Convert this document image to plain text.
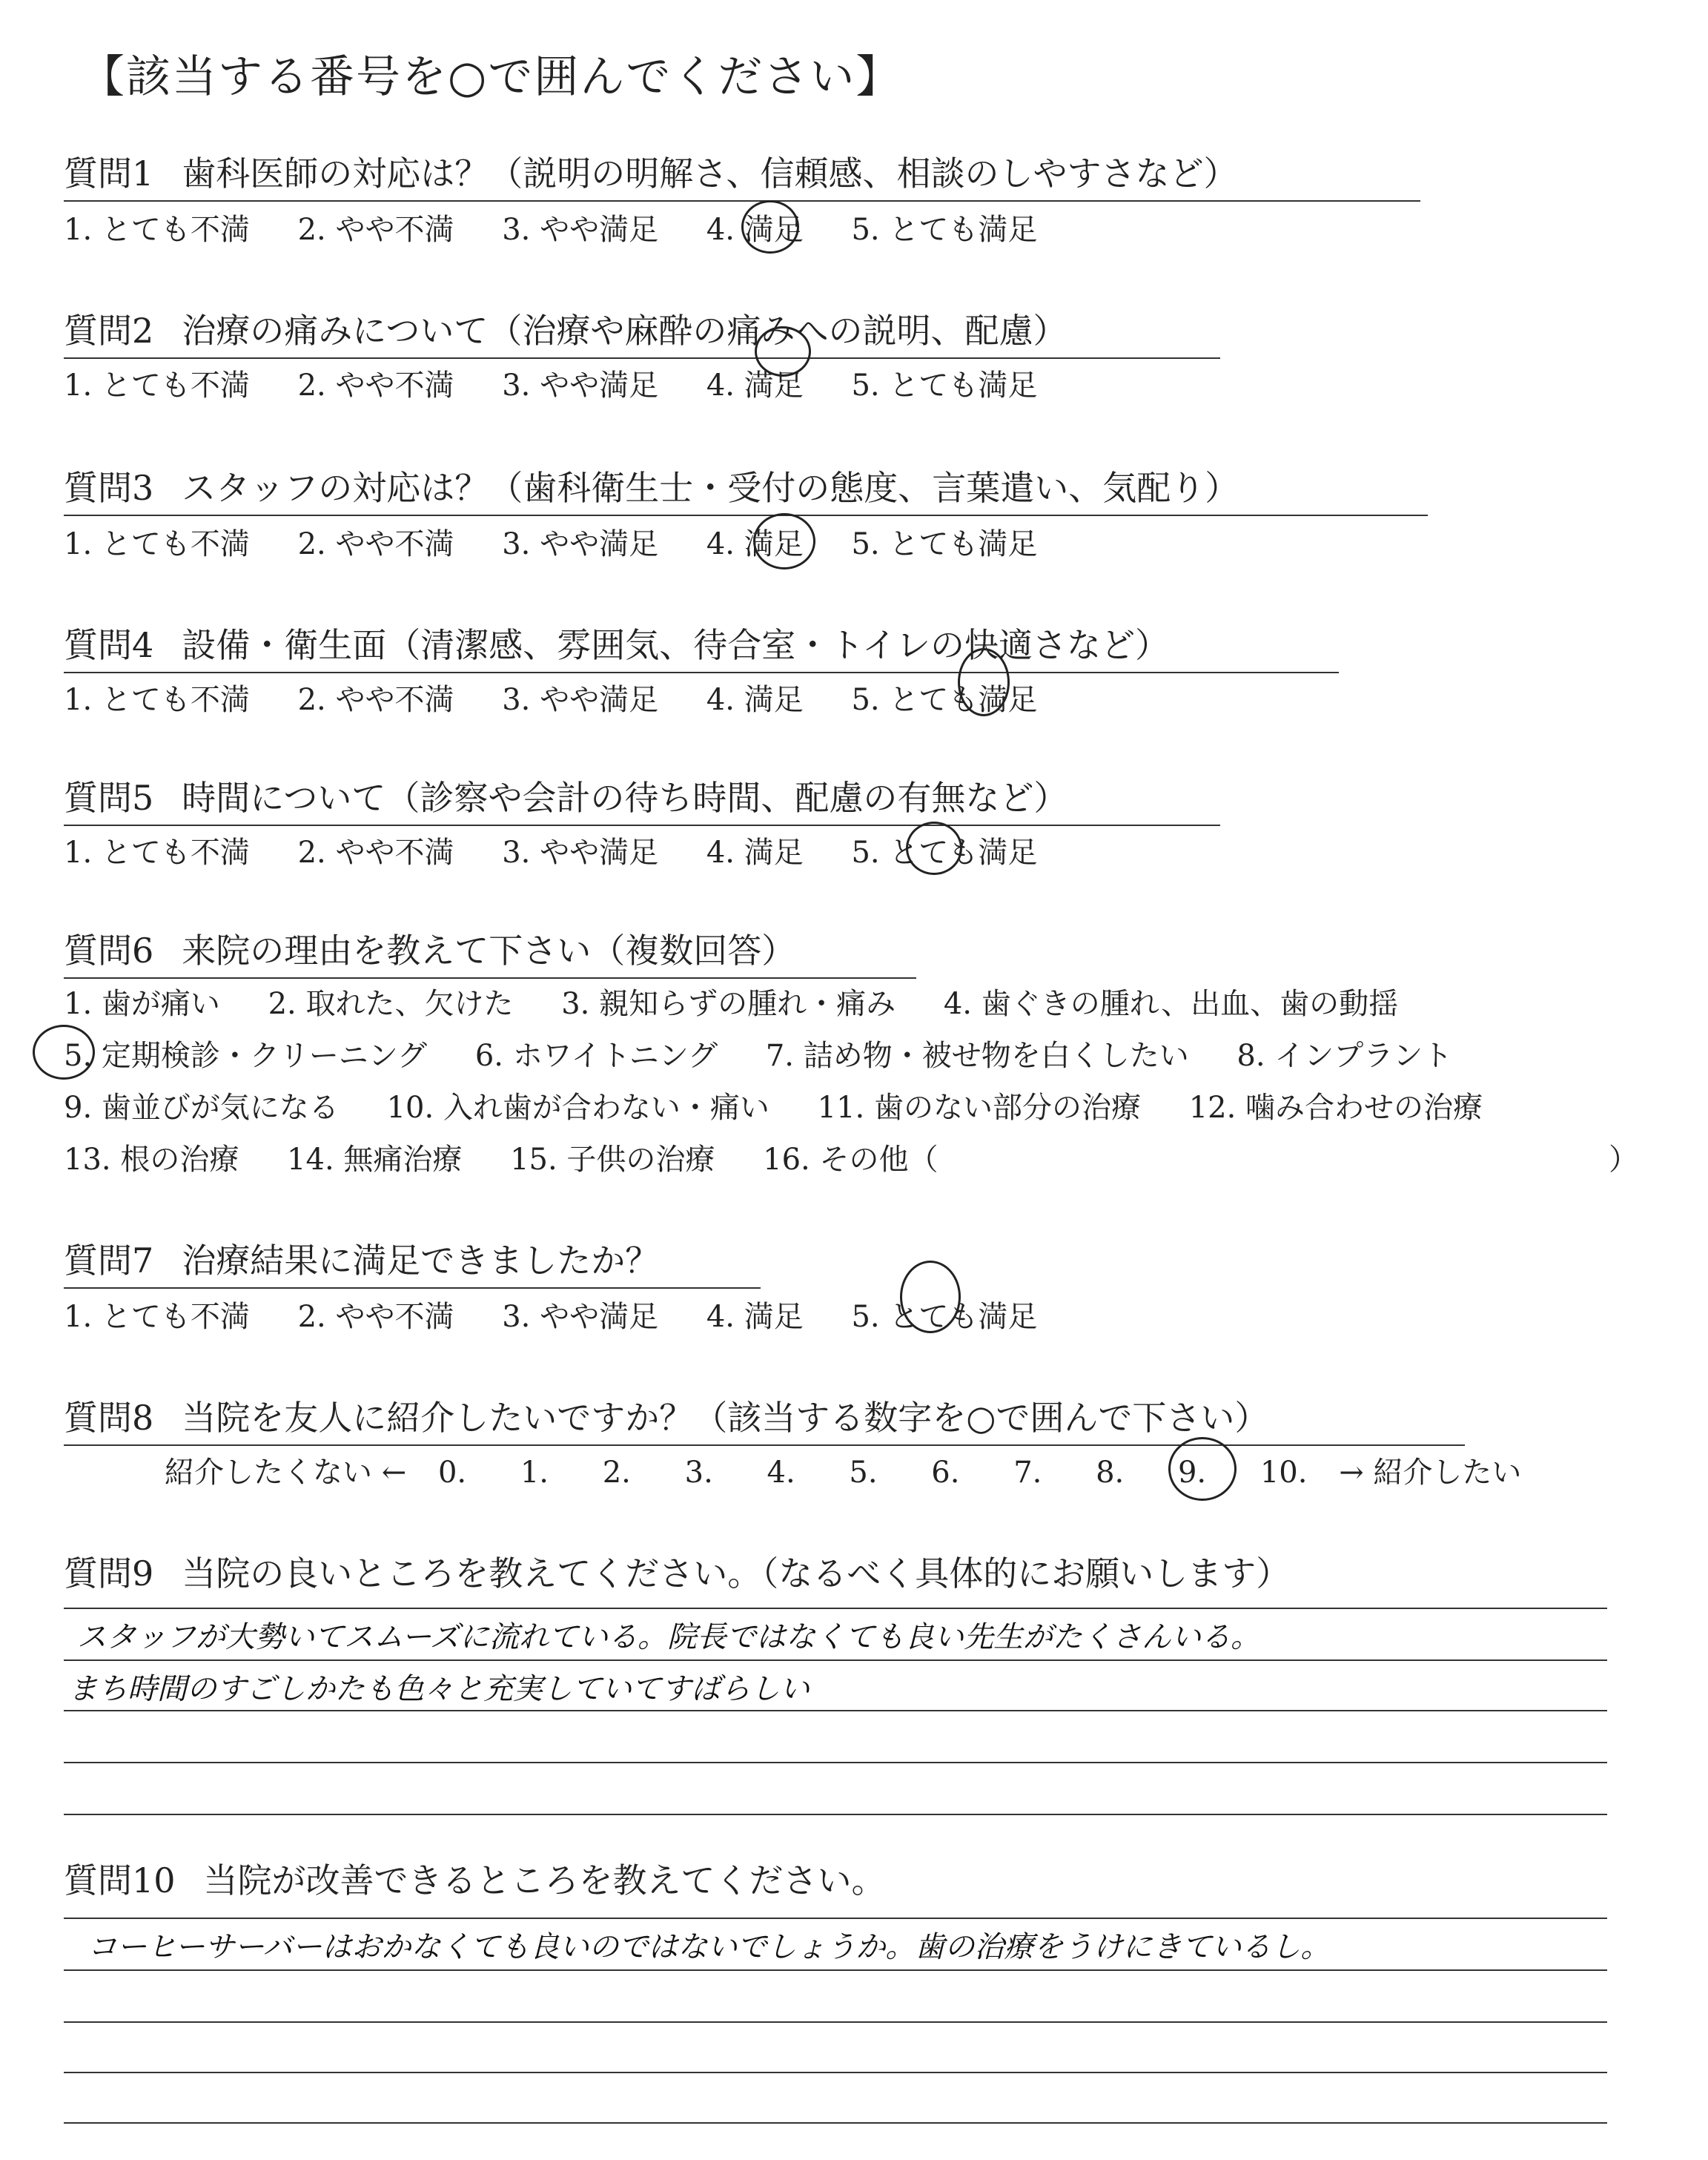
【該当する番号を○で囲んでください】
質問1 歯科医師の対応は？（説明の明解さ、信頼感、相談のしやすさなど）
1. とても不満 2. やや不満 3. やや満足 4. 満足 5. とても満足
質問2 治療の痛みについて（治療や麻酔の痛みへの説明、配慮）
1. とても不満 2. やや不満 3. やや満足 4. 満足 5. とても満足
質問3 スタッフの対応は？（歯科衛生士・受付の態度、言葉遣い、気配り）
1. とても不満 2. やや不満 3. やや満足 4. 満足 5. とても満足
質問4 設備・衛生面（清潔感、雰囲気、待合室・トイレの快適さなど）
1. とても不満 2. やや不満 3. やや満足 4. 満足 5. とても満足
質問5 時間について（診察や会計の待ち時間、配慮の有無など）
1. とても不満 2. やや不満 3. やや満足 4. 満足 5. とても満足
質問6 来院の理由を教えて下さい（複数回答）
1. 歯が痛い 2. 取れた、欠けた 3. 親知らずの腫れ・痛み 4. 歯ぐきの腫れ、出血、歯の動揺
5. 定期検診・クリーニング 6. ホワイトニング 7. 詰め物・被せ物を白くしたい 8. インプラント
9. 歯並びが気になる 10. 入れ歯が合わない・痛い 11. 歯のない部分の治療 12. 噛み合わせの治療
13. 根の治療 14. 無痛治療 15. 子供の治療 16. その他（	）
質問7 治療結果に満足できましたか？
1. とても不満 2. やや不満 3. やや満足 4. 満足 5. とても満足
質問8 当院を友人に紹介したいですか？（該当する数字を○で囲んで下さい）
紹介したくない ← 0. 1. 2. 3. 4. 5. 6. 7. 8. 9. 10. → 紹介したい
質問9 当院の良いところを教えてください。（なるべく具体的にお願いします）
スタッフが大勢いてスムーズに流れている。院長ではなくても良い先生がたくさんいる。
まち時間のすごしかたも色々と充実していてすばらしい
質問10 当院が改善できるところを教えてください。
コーヒーサーバーはおかなくても良いのではないでしょうか。歯の治療をうけにきているし。
